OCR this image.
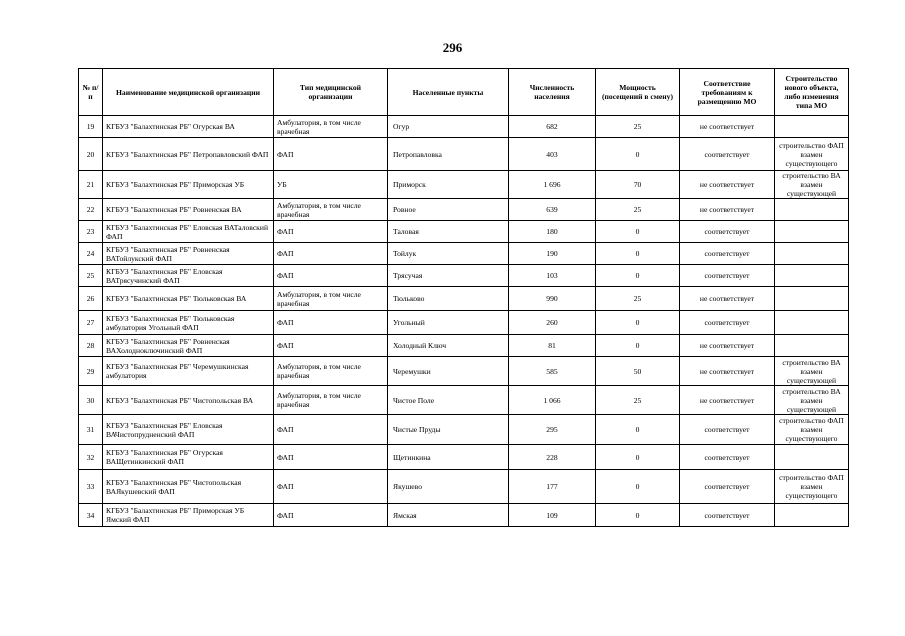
296
№ п/п	Наименование медицинской организации	Тип медицинской организации	Населенные пункты	Численность населения	Мощность (посещений в смену)	Соответствие требованиям к размещению МО	Строительство нового объекта, либо изменения типа МО
19	КГБУЗ "Балахтинская РБ" Огурская ВА	Амбулатория, в том числе врачебная	Огур	682	25	не соответствует	
20	КГБУЗ "Балахтинская РБ" Петропавловский ФАП	ФАП	Петропавловка	403	0	соответствует	строительство ФАП взамен существующего
21	КГБУЗ "Балахтинская РБ" Приморская УБ	УБ	Приморск	1 696	70	не соответствует	строительство ВА взамен существующей
22	КГБУЗ "Балахтинская РБ" Ровненская ВА	Амбулатория, в том числе врачебная	Ровное	639	25	не соответствует	
23	КГБУЗ "Балахтинская РБ" Еловская ВАТаловский ФАП	ФАП	Таловая	180	0	соответствует	
24	КГБУЗ "Балахтинская РБ" Ровненская ВАТойлукский ФАП	ФАП	Тойлук	190	0	соответствует	
25	КГБУЗ "Балахтинская РБ" Еловская ВАТрясучинский ФАП	ФАП	Трясучая	103	0	соответствует	
26	КГБУЗ "Балахтинская РБ" Тюльковская ВА	Амбулатория, в том числе врачебная	Тюльково	990	25	не соответствует	
27	КГБУЗ "Балахтинская РБ" Тюльковская амбулатория Угольный ФАП	ФАП	Угольный	260	0	соответствует	
28	КГБУЗ "Балахтинская РБ" Ровненская ВАХолоднoключинский ФАП	ФАП	Холодный Ключ	81	0	не соответствует	
29	КГБУЗ "Балахтинская РБ" Черемушкинская амбулатория	Амбулатория, в том числе врачебная	Черемушки	585	50	не соответствует	строительство ВА взамен существующей
30	КГБУЗ "Балахтинская РБ" Чистопольская ВА	Амбулатория, в том числе врачебная	Чистое Поле	1 066	25	не соответствует	строительство ВА взамен существующей
31	КГБУЗ "Балахтинская РБ" Еловская ВАЧистопрудненский ФАП	ФАП	Чистые Пруды	295	0	соответствует	строительство ФАП взамен существующего
32	КГБУЗ "Балахтинская РБ" Огурская ВАЩетинкинский ФАП	ФАП	Щетинкина	228	0	соответствует	
33	КГБУЗ "Балахтинская РБ" Чистопольская ВАЯкушевский ФАП	ФАП	Якушево	177	0	соответствует	строительство ФАП взамен существующего
34	КГБУЗ "Балахтинская РБ" Приморская УБ Ямский ФАП	ФАП	Ямская	109	0	соответствует	
